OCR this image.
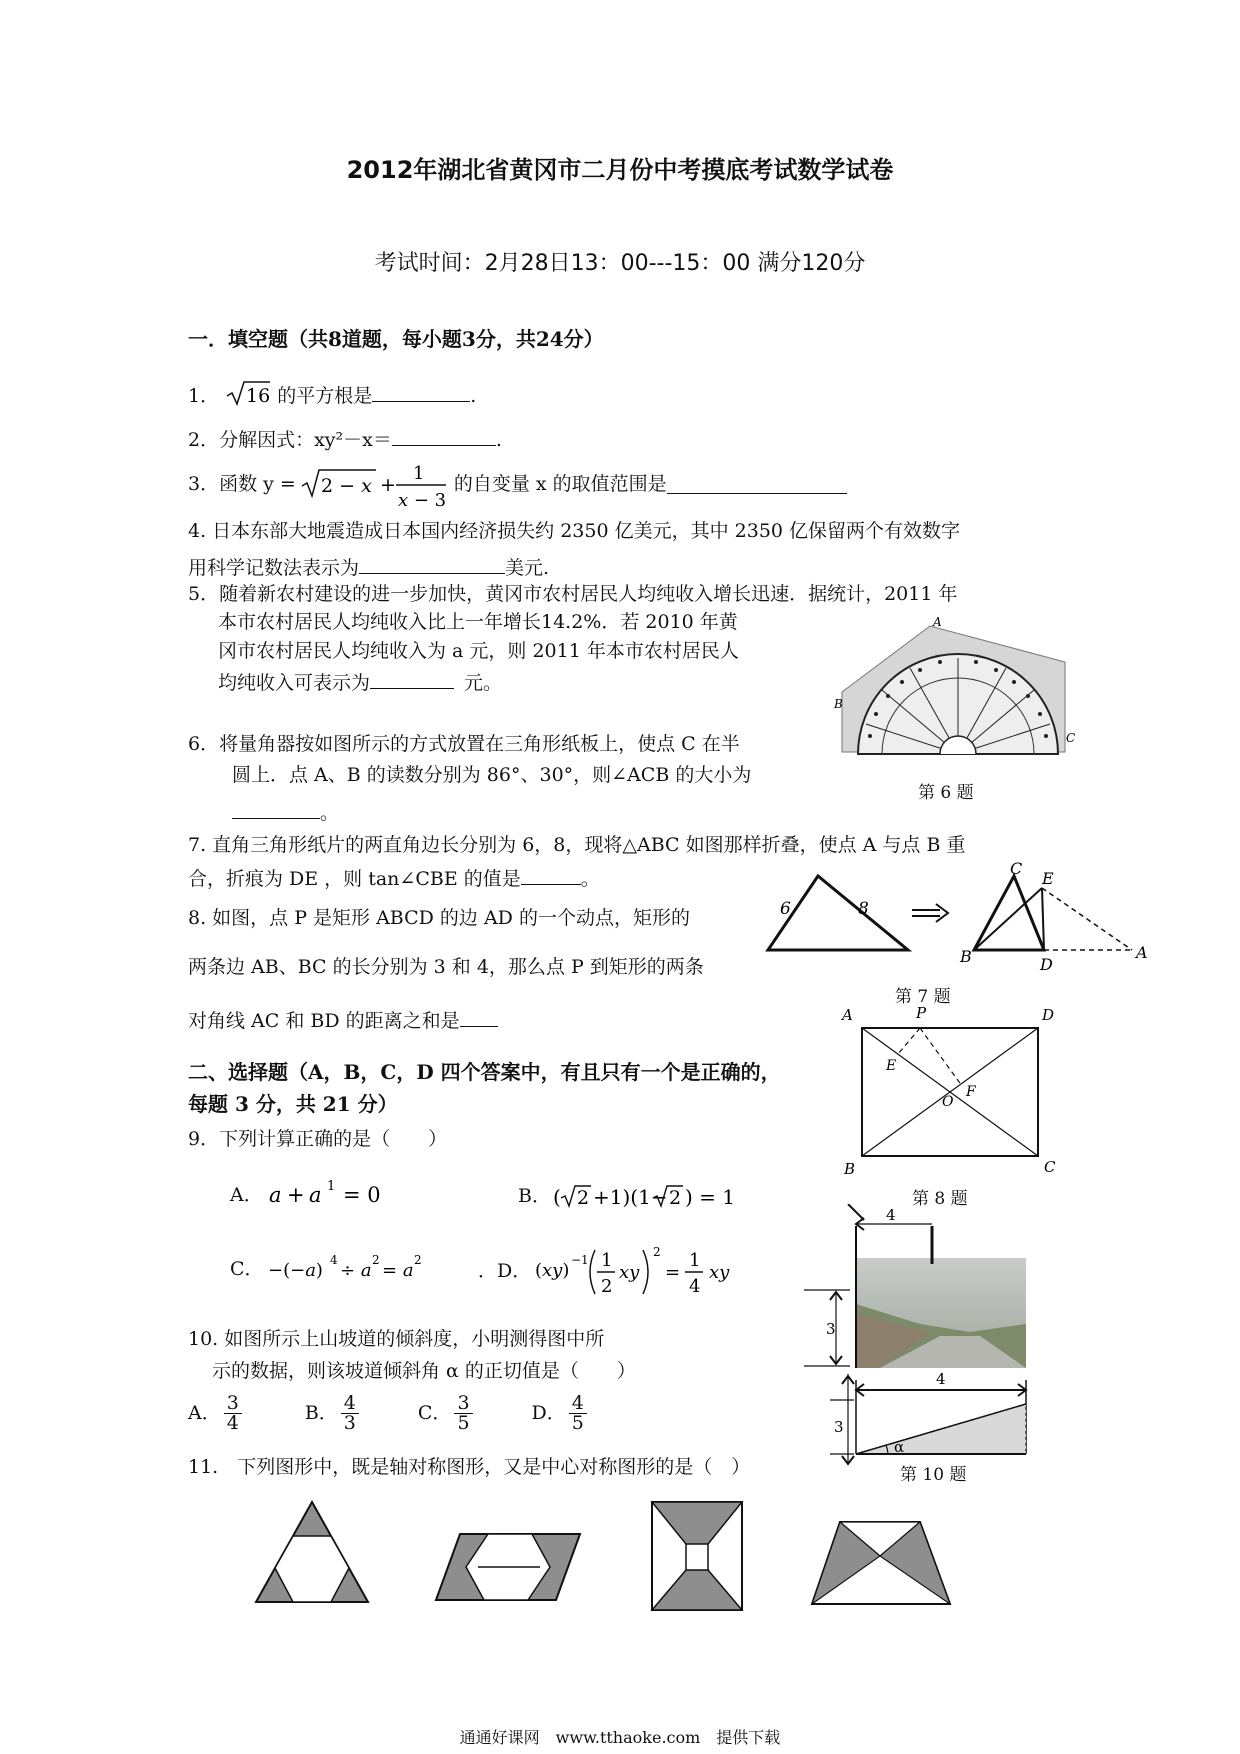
2012年湖北省黄冈市二月份中考摸底考试数学试卷
考试时间：2月28日13：00---15：00 满分120分
一．填空题（共8道题，每小题3分，共24分）
1． 16 的平方根是	.
2．分解因式：xy²－x＝	.
3． 函数 y = 2 − x +
1
x − 3
的自变量 x 的取值范围是
4. 日本东部大地震造成日本国内经济损失约 2350 亿美元，其中 2350 亿保留两个有效数字
用科学记数法表示为	美元.
5．随着新农村建设的进一步加快，黄冈市农村居民人均纯收入增长迅速．据统计，2011 年
本市农村居民人均纯收入比上一年增长14.2%．若 2010 年黄
冈市农村居民人均纯收入为 a 元，则 2011 年本市农村居民人
均纯收入可表示为	元。
A
B
C
第 6 题
6．将量角器按如图所示的方式放置在三角形纸板上，使点 C 在半
圆上．点 A、B 的读数分别为 86°、30°，则∠ACB 的大小为
。
7. 直角三角形纸片的两直角边长分别为 6，8，现将△ABC 如图那样折叠，使点 A 与点 B 重
合，折痕为 DE ，则 tan∠CBE 的值是	。
6	8
C
E
B	D
A
第 7 题
8. 如图，点 P 是矩形 ABCD 的边 AD 的一个动点，矩形的
两条边 AB、BC 的长分别为 3 和 4，那么点 P 到矩形的两条
对角线 AC 和 BD 的距离之和是	A	P	D
E
F
O
B	C
第 8 题
二、选择题（A，B，C，D 四个答案中，有且只有一个是正确的，
每题 3 分，共 21 分）
9．下列计算正确的是（　　）
A． a + a 1 = 0	B． ( 2 +1)(1− 2 ) = 1
C． −(−a) 4 ÷ a 2 = a 2	．D． (xy) −1 1
2
xy
2
=
1
4
xy
4
3
3
4
α
第 10 题
10. 如图所示上山坡道的倾斜度，小明测得图中所
示的数据，则该坡道倾斜角 α 的正切值是（　　）
A． $\frac{3}{4}$	B． $\frac{4}{3}$	C． $\frac{3}{5}$	D． $\frac{4}{5}$
11.　下列图形中，既是轴对称图形，又是中心对称图形的是（　）
通通好课网　www.tthaoke.com　提供下载
